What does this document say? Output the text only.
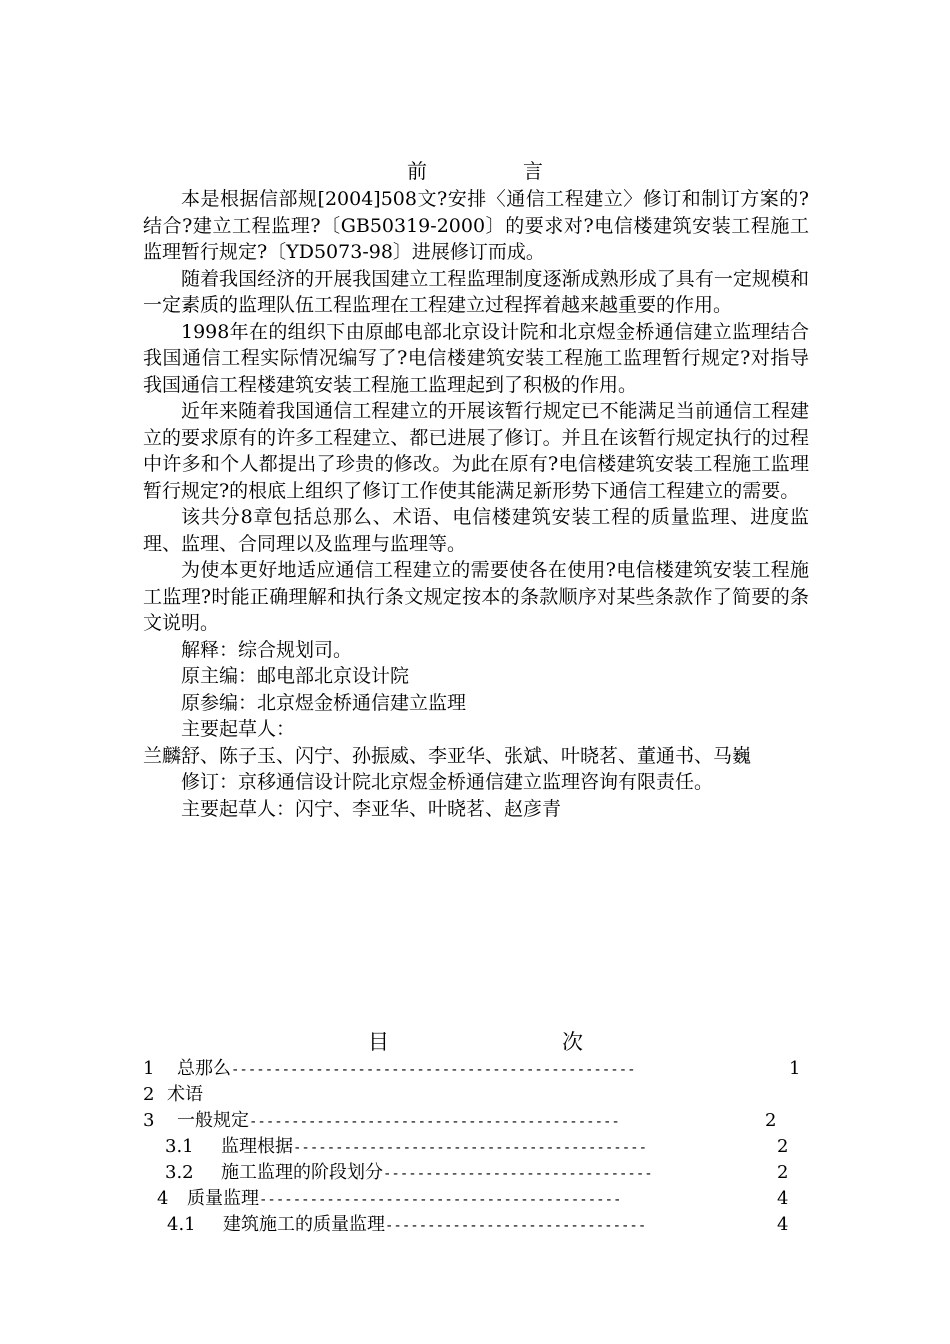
前	言

本是根据信部规[2004]508文?安排〈通信工程建立〉修订和制订方案的?结合?建立工程监理?〔GB50319-2000〕的要求对?电信楼建筑安装工程施工监理暂行规定?〔YD5073-98〕进展修订而成。

随着我国经济的开展我国建立工程监理制度逐渐成熟形成了具有一定规模和一定素质的监理队伍工程监理在工程建立过程挥着越来越重要的作用。

1998年在的组织下由原邮电部北京设计院和北京煜金桥通信建立监理结合我国通信工程实际情况编写了?电信楼建筑安装工程施工监理暂行规定?对指导我国通信工程楼建筑安装工程施工监理起到了积极的作用。

近年来随着我国通信工程建立的开展该暂行规定已不能满足当前通信工程建立的要求原有的许多工程建立、都已进展了修订。并且在该暂行规定执行的过程中许多和个人都提出了珍贵的修改。为此在原有?电信楼建筑安装工程施工监理暂行规定?的根底上组织了修订工作使其能满足新形势下通信工程建立的需要。

该共分8章包括总那么、术语、电信楼建筑安装工程的质量监理、进度监理、监理、合同理以及监理与监理等。

为使本更好地适应通信工程建立的需要使各在使用?电信楼建筑安装工程施工监理?时能正确理解和执行条文规定按本的条款顺序对某些条款作了简要的条文说明。

解释：综合规划司。

原主编：邮电部北京设计院

原参编：北京煜金桥通信建立监理

主要起草人：

兰麟舒、陈子玉、闪宁、孙振威、李亚华、张斌、叶晓茗、董通书、马巍

修订：京移通信设计院北京煜金桥通信建立监理咨询有限责任。

主要起草人：闪宁、李亚华、叶晓茗、赵彦青

目	次
1 总那么------------------------------------------------	1
2 术语
3 一般规定--------------------------------------------	2
3.1 监理根据------------------------------------------	2
3.2 施工监理的阶段划分--------------------------------	2
4 质量监理-------------------------------------------	4
4.1 建筑施工的质量监理-------------------------------	4
